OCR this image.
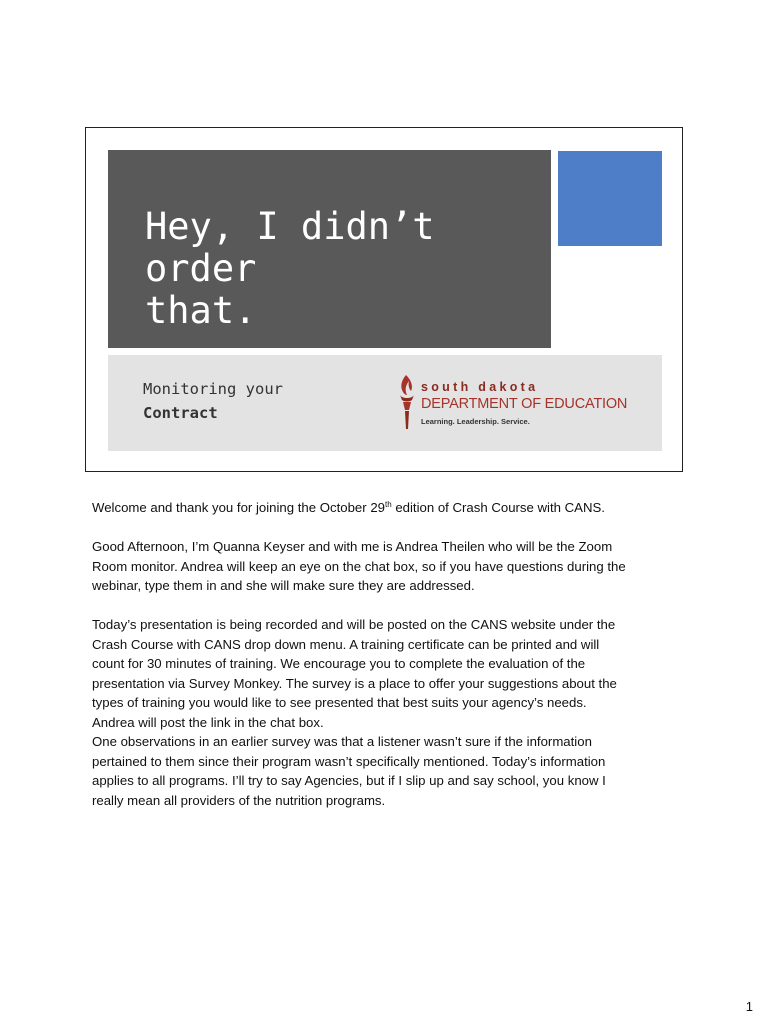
Hey, I didn’t order
that.
Monitoring your
Contract
south dakota
DEPARTMENT OF EDUCATION
Learning. Leadership. Service.

Welcome and thank you for joining the October 29th edition of Crash Course with CANS.

Good Afternoon, I’m Quanna Keyser and with me is Andrea Theilen who will be the Zoom
Room monitor. Andrea will keep an eye on the chat box, so if you have questions during the
webinar, type them in and she will make sure they are addressed.

Today’s presentation is being recorded and will be posted on the CANS website under the
Crash Course with CANS drop down menu. A training certificate can be printed and will
count for 30 minutes of training. We encourage you to complete the evaluation of the
presentation via Survey Monkey. The survey is a place to offer your suggestions about the
types of training you would like to see presented that best suits your agency’s needs.
Andrea will post the link in the chat box.
One observations in an earlier survey was that a listener wasn’t sure if the information
pertained to them since their program wasn’t specifically mentioned. Today’s information
applies to all programs. I’ll try to say Agencies, but if I slip up and say school, you know I
really mean all providers of the nutrition programs.

1
